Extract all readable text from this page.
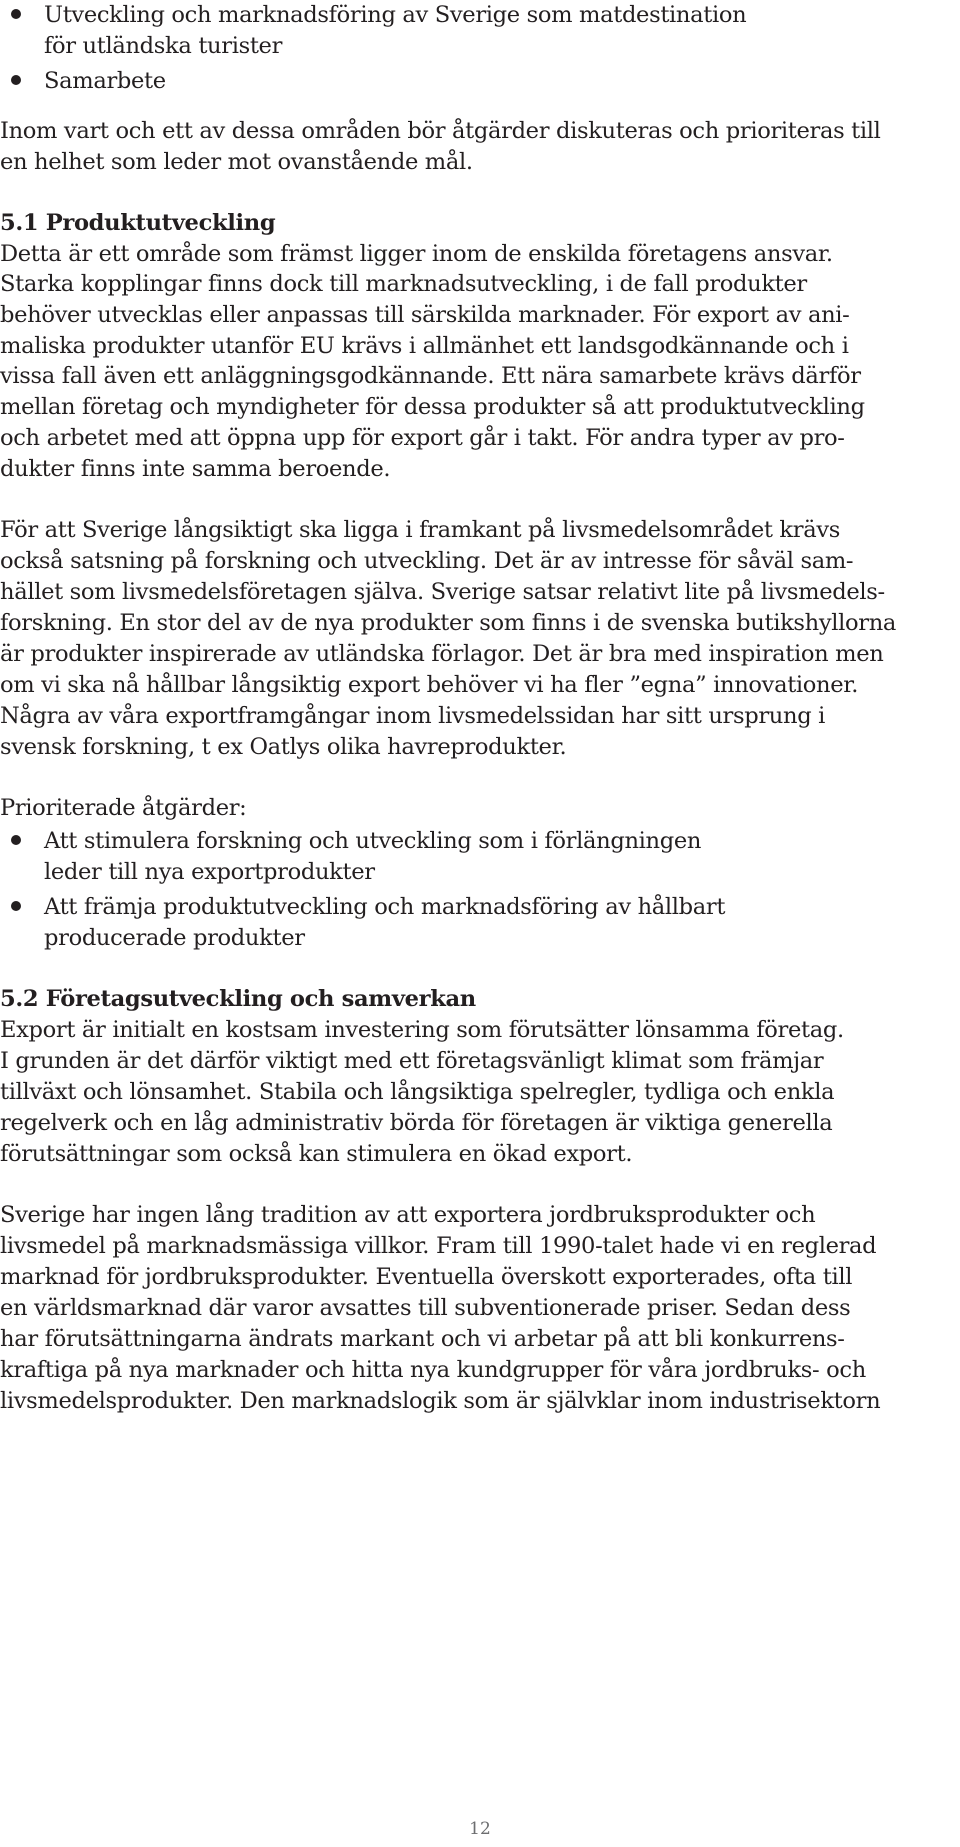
Utveckling och marknadsföring av Sverige som matdestination
för utländska turister
Samarbete
Inom vart och ett av dessa områden bör åtgärder diskuteras och prioriteras till
en helhet som leder mot ovanstående mål.
5.1 Produktutveckling
Detta är ett område som främst ligger inom de enskilda företagens ansvar.
Starka kopplingar finns dock till marknadsutveckling, i de fall produkter
behöver utvecklas eller anpassas till särskilda marknader. För export av ani-
maliska produkter utanför EU krävs i allmänhet ett landsgodkännande och i
vissa fall även ett anläggningsgodkännande. Ett nära samarbete krävs därför
mellan företag och myndigheter för dessa produkter så att produktutveckling
och arbetet med att öppna upp för export går i takt. För andra typer av pro-
dukter finns inte samma beroende.
För att Sverige långsiktigt ska ligga i framkant på livsmedelsområdet krävs
också satsning på forskning och utveckling. Det är av intresse för såväl sam-
hället som livsmedelsföretagen själva. Sverige satsar relativt lite på livsmedels-
forskning. En stor del av de nya produkter som finns i de svenska butikshyllorna
är produkter inspirerade av utländska förlagor. Det är bra med inspiration men
om vi ska nå hållbar långsiktig export behöver vi ha fler ”egna” innovationer.
Några av våra exportframgångar inom livsmedelssidan har sitt ursprung i
svensk forskning, t ex Oatlys olika havreprodukter.
Prioriterade åtgärder:
Att stimulera forskning och utveckling som i förlängningen
leder till nya exportprodukter
Att främja produktutveckling och marknadsföring av hållbart
producerade produkter
5.2 Företagsutveckling och samverkan
Export är initialt en kostsam investering som förutsätter lönsamma företag.
I grunden är det därför viktigt med ett företagsvänligt klimat som främjar
tillväxt och lönsamhet. Stabila och långsiktiga spelregler, tydliga och enkla
regelverk och en låg administrativ börda för företagen är viktiga generella
förutsättningar som också kan stimulera en ökad export.
Sverige har ingen lång tradition av att exportera jordbruksprodukter och
livsmedel på marknadsmässiga villkor. Fram till 1990-talet hade vi en reglerad
marknad för jordbruksprodukter. Eventuella överskott exporterades, ofta till
en världsmarknad där varor avsattes till subventionerade priser. Sedan dess
har förutsättningarna ändrats markant och vi arbetar på att bli konkurrens-
kraftiga på nya marknader och hitta nya kundgrupper för våra jordbruks- och
livsmedelsprodukter. Den marknadslogik som är självklar inom industrisektorn
12
